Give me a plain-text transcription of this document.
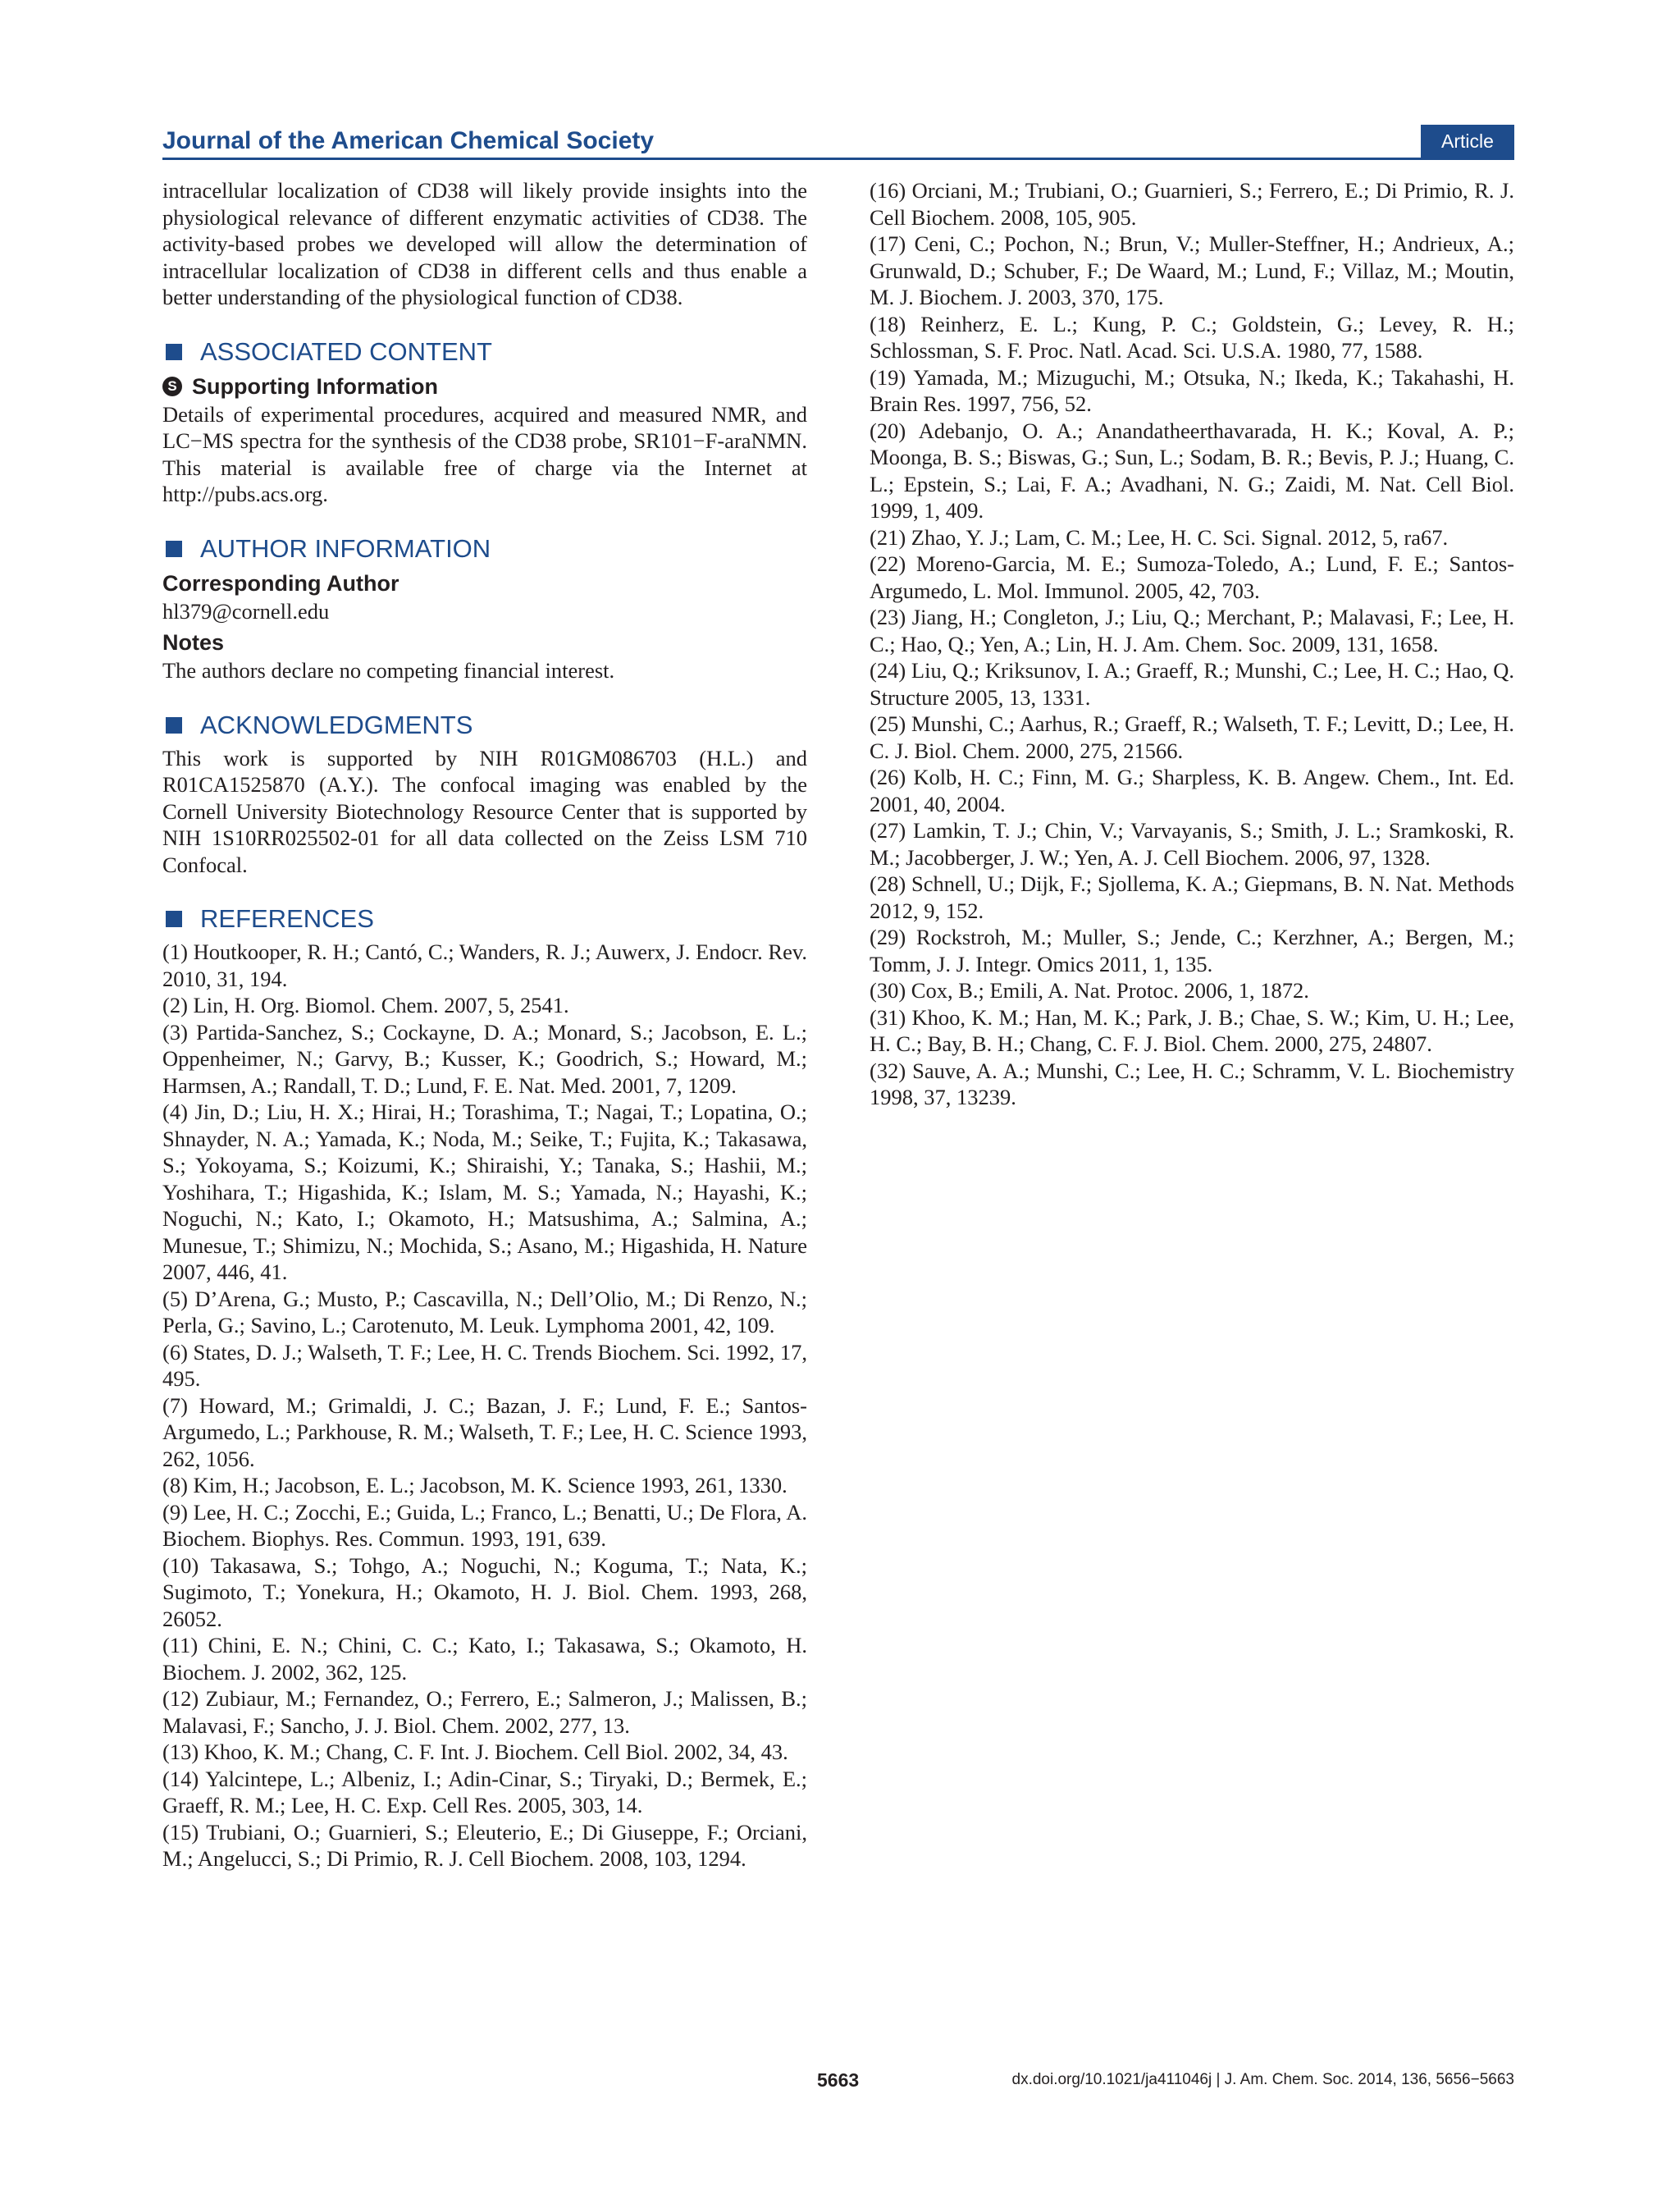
Journal of the American Chemical Society	Article

intracellular localization of CD38 will likely provide insights into the physiological relevance of different enzymatic activities of CD38. The activity-based probes we developed will allow the determination of intracellular localization of CD38 in different cells and thus enable a better understanding of the physiological function of CD38.

ASSOCIATED CONTENT
S Supporting Information

Details of experimental procedures, acquired and measured NMR, and LC−MS spectra for the synthesis of the CD38 probe, SR101−F-araNMN. This material is available free of charge via the Internet at http://pubs.acs.org.

AUTHOR INFORMATION
Corresponding Author

hl379@cornell.edu

Notes

The authors declare no competing financial interest.

ACKNOWLEDGMENTS

This work is supported by NIH R01GM086703 (H.L.) and R01CA1525870 (A.Y.). The confocal imaging was enabled by the Cornell University Biotechnology Resource Center that is supported by NIH 1S10RR025502-01 for all data collected on the Zeiss LSM 710 Confocal.

REFERENCES

(1) Houtkooper, R. H.; Cantó, C.; Wanders, R. J.; Auwerx, J. Endocr. Rev. 2010, 31, 194.

(2) Lin, H. Org. Biomol. Chem. 2007, 5, 2541.

(3) Partida-Sanchez, S.; Cockayne, D. A.; Monard, S.; Jacobson, E. L.; Oppenheimer, N.; Garvy, B.; Kusser, K.; Goodrich, S.; Howard, M.; Harmsen, A.; Randall, T. D.; Lund, F. E. Nat. Med. 2001, 7, 1209.

(4) Jin, D.; Liu, H. X.; Hirai, H.; Torashima, T.; Nagai, T.; Lopatina, O.; Shnayder, N. A.; Yamada, K.; Noda, M.; Seike, T.; Fujita, K.; Takasawa, S.; Yokoyama, S.; Koizumi, K.; Shiraishi, Y.; Tanaka, S.; Hashii, M.; Yoshihara, T.; Higashida, K.; Islam, M. S.; Yamada, N.; Hayashi, K.; Noguchi, N.; Kato, I.; Okamoto, H.; Matsushima, A.; Salmina, A.; Munesue, T.; Shimizu, N.; Mochida, S.; Asano, M.; Higashida, H. Nature 2007, 446, 41.

(5) D’Arena, G.; Musto, P.; Cascavilla, N.; Dell’Olio, M.; Di Renzo, N.; Perla, G.; Savino, L.; Carotenuto, M. Leuk. Lymphoma 2001, 42, 109.

(6) States, D. J.; Walseth, T. F.; Lee, H. C. Trends Biochem. Sci. 1992, 17, 495.

(7) Howard, M.; Grimaldi, J. C.; Bazan, J. F.; Lund, F. E.; Santos-Argumedo, L.; Parkhouse, R. M.; Walseth, T. F.; Lee, H. C. Science 1993, 262, 1056.

(8) Kim, H.; Jacobson, E. L.; Jacobson, M. K. Science 1993, 261, 1330.

(9) Lee, H. C.; Zocchi, E.; Guida, L.; Franco, L.; Benatti, U.; De Flora, A. Biochem. Biophys. Res. Commun. 1993, 191, 639.

(10) Takasawa, S.; Tohgo, A.; Noguchi, N.; Koguma, T.; Nata, K.; Sugimoto, T.; Yonekura, H.; Okamoto, H. J. Biol. Chem. 1993, 268, 26052.

(11) Chini, E. N.; Chini, C. C.; Kato, I.; Takasawa, S.; Okamoto, H. Biochem. J. 2002, 362, 125.

(12) Zubiaur, M.; Fernandez, O.; Ferrero, E.; Salmeron, J.; Malissen, B.; Malavasi, F.; Sancho, J. J. Biol. Chem. 2002, 277, 13.

(13) Khoo, K. M.; Chang, C. F. Int. J. Biochem. Cell Biol. 2002, 34, 43.

(14) Yalcintepe, L.; Albeniz, I.; Adin-Cinar, S.; Tiryaki, D.; Bermek, E.; Graeff, R. M.; Lee, H. C. Exp. Cell Res. 2005, 303, 14.

(15) Trubiani, O.; Guarnieri, S.; Eleuterio, E.; Di Giuseppe, F.; Orciani, M.; Angelucci, S.; Di Primio, R. J. Cell Biochem. 2008, 103, 1294.

(16) Orciani, M.; Trubiani, O.; Guarnieri, S.; Ferrero, E.; Di Primio, R. J. Cell Biochem. 2008, 105, 905.

(17) Ceni, C.; Pochon, N.; Brun, V.; Muller-Steffner, H.; Andrieux, A.; Grunwald, D.; Schuber, F.; De Waard, M.; Lund, F.; Villaz, M.; Moutin, M. J. Biochem. J. 2003, 370, 175.

(18) Reinherz, E. L.; Kung, P. C.; Goldstein, G.; Levey, R. H.; Schlossman, S. F. Proc. Natl. Acad. Sci. U.S.A. 1980, 77, 1588.

(19) Yamada, M.; Mizuguchi, M.; Otsuka, N.; Ikeda, K.; Takahashi, H. Brain Res. 1997, 756, 52.

(20) Adebanjo, O. A.; Anandatheerthavarada, H. K.; Koval, A. P.; Moonga, B. S.; Biswas, G.; Sun, L.; Sodam, B. R.; Bevis, P. J.; Huang, C. L.; Epstein, S.; Lai, F. A.; Avadhani, N. G.; Zaidi, M. Nat. Cell Biol. 1999, 1, 409.

(21) Zhao, Y. J.; Lam, C. M.; Lee, H. C. Sci. Signal. 2012, 5, ra67.

(22) Moreno-Garcia, M. E.; Sumoza-Toledo, A.; Lund, F. E.; Santos-Argumedo, L. Mol. Immunol. 2005, 42, 703.

(23) Jiang, H.; Congleton, J.; Liu, Q.; Merchant, P.; Malavasi, F.; Lee, H. C.; Hao, Q.; Yen, A.; Lin, H. J. Am. Chem. Soc. 2009, 131, 1658.

(24) Liu, Q.; Kriksunov, I. A.; Graeff, R.; Munshi, C.; Lee, H. C.; Hao, Q. Structure 2005, 13, 1331.

(25) Munshi, C.; Aarhus, R.; Graeff, R.; Walseth, T. F.; Levitt, D.; Lee, H. C. J. Biol. Chem. 2000, 275, 21566.

(26) Kolb, H. C.; Finn, M. G.; Sharpless, K. B. Angew. Chem., Int. Ed. 2001, 40, 2004.

(27) Lamkin, T. J.; Chin, V.; Varvayanis, S.; Smith, J. L.; Sramkoski, R. M.; Jacobberger, J. W.; Yen, A. J. Cell Biochem. 2006, 97, 1328.

(28) Schnell, U.; Dijk, F.; Sjollema, K. A.; Giepmans, B. N. Nat. Methods 2012, 9, 152.

(29) Rockstroh, M.; Muller, S.; Jende, C.; Kerzhner, A.; Bergen, M.; Tomm, J. J. Integr. Omics 2011, 1, 135.

(30) Cox, B.; Emili, A. Nat. Protoc. 2006, 1, 1872.

(31) Khoo, K. M.; Han, M. K.; Park, J. B.; Chae, S. W.; Kim, U. H.; Lee, H. C.; Bay, B. H.; Chang, C. F. J. Biol. Chem. 2000, 275, 24807.

(32) Sauve, A. A.; Munshi, C.; Lee, H. C.; Schramm, V. L. Biochemistry 1998, 37, 13239.

5663	dx.doi.org/10.1021/ja411046j | J. Am. Chem. Soc. 2014, 136, 5656−5663
